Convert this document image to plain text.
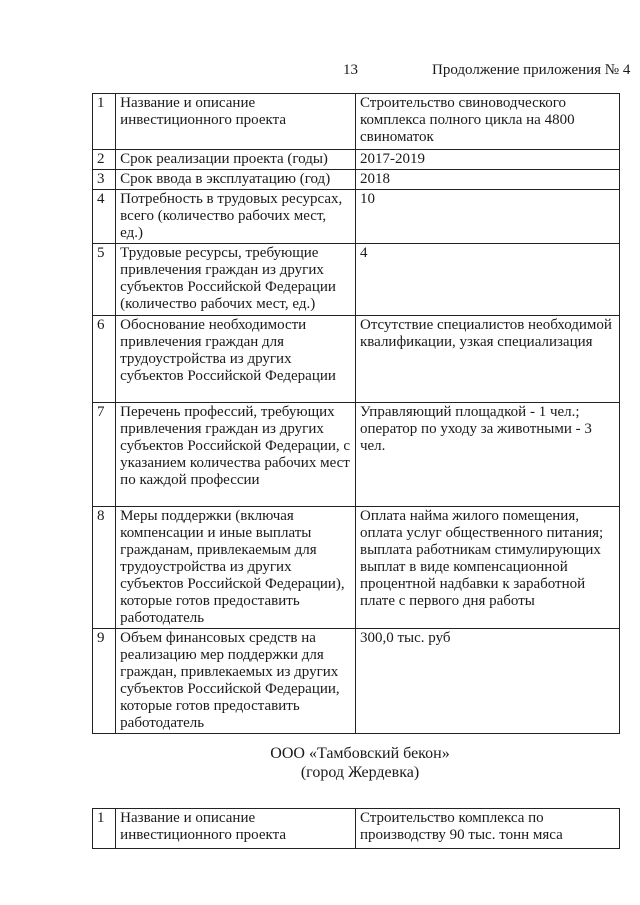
13	Продолжение приложения № 4
1	Название и описание инвестиционного проекта	Строительство свиноводческого комплекса полного цикла на 4800 свиноматок
2	Срок реализации проекта (годы)	2017-2019
3	Срок ввода в эксплуатацию (год)	2018
4	Потребность в трудовых ресурсах, всего (количество рабочих мест, ед.)	10
5	Трудовые ресурсы, требующие привлечения граждан из других субъектов Российской Федерации (количество рабочих мест, ед.)	4
6	Обоснование необходимости привлечения граждан для трудоустройства из других субъектов Российской Федерации	Отсутствие специалистов необходимой квалификации, узкая специализация
7	Перечень профессий, требующих привлечения граждан из других субъектов Российской Федерации, с указанием количества рабочих мест по каждой профессии	Управляющий площадкой - 1 чел.; оператор по уходу за животными - 3 чел.
8	Меры поддержки (включая компенсации и иные выплаты гражданам, привлекаемым для трудоустройства из других субъектов Российской Федерации), которые готов предоставить работодатель	Оплата найма жилого помещения, оплата услуг общественного питания; выплата работникам стимулирующих выплат в виде компенсационной процентной надбавки к заработной плате с первого дня работы
9	Объем финансовых средств на реализацию мер поддержки для граждан, привлекаемых из других субъектов Российской Федерации, которые готов предоставить работодатель	300,0 тыс. руб
ООО «Тамбовский бекон»
(город Жердевка)
1	Название и описание инвестиционного проекта	Строительство комплекса по производству 90 тыс. тонн мяса
